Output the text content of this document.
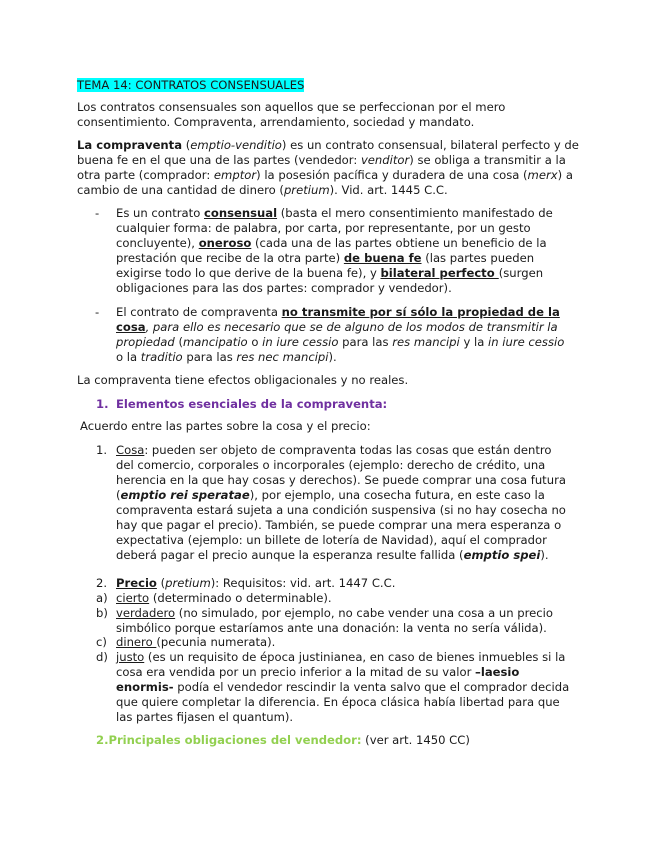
TEMA 14: CONTRATOS CONSENSUALES

Los contratos consensuales son aquellos que se perfeccionan por el mero consentimiento. Compraventa, arrendamiento, sociedad y mandato.

La compraventa (emptio-venditio) es un contrato consensual, bilateral perfecto y de buena fe en el que una de las partes (vendedor: venditor) se obliga a transmitir a la otra parte (comprador: emptor) la posesión pacífica y duradera de una cosa (merx) a cambio de una cantidad de dinero (pretium). Vid. art. 1445 C.C.

- Es un contrato consensual (basta el mero consentimiento manifestado de cualquier forma: de palabra, por carta, por representante, por un gesto concluyente), oneroso (cada una de las partes obtiene un beneficio de la prestación que recibe de la otra parte) de buena fe (las partes pueden exigirse todo lo que derive de la buena fe), y bilateral perfecto (surgen obligaciones para las dos partes: comprador y vendedor).

- El contrato de compraventa no transmite por sí sólo la propiedad de la cosa, para ello es necesario que se de alguno de los modos de transmitir la propiedad (mancipatio o in iure cessio para las res mancipi y la in iure cessio o la traditio para las res nec mancipi).

La compraventa tiene efectos obligacionales y no reales.

1. Elementos esenciales de la compraventa:

Acuerdo entre las partes sobre la cosa y el precio:

1. Cosa: pueden ser objeto de compraventa todas las cosas que están dentro del comercio, corporales o incorporales (ejemplo: derecho de crédito, una herencia en la que hay cosas y derechos). Se puede comprar una cosa futura (emptio rei speratae), por ejemplo, una cosecha futura, en este caso la compraventa estará sujeta a una condición suspensiva (si no hay cosecha no hay que pagar el precio). También, se puede comprar una mera esperanza o expectativa (ejemplo: un billete de lotería de Navidad), aquí el comprador deberá pagar el precio aunque la esperanza resulte fallida (emptio spei).

2. Precio (pretium): Requisitos: vid. art. 1447 C.C.

a) cierto (determinado o determinable).

b) verdadero (no simulado, por ejemplo, no cabe vender una cosa a un precio simbólico porque estaríamos ante una donación: la venta no sería válida).

c) dinero (pecunia numerata).

d) justo (es un requisito de época justinianea, en caso de bienes inmuebles si la cosa era vendida por un precio inferior a la mitad de su valor –laesio enormis- podía el vendedor rescindir la venta salvo que el comprador decida que quiere completar la diferencia. En época clásica había libertad para que las partes fijasen el quantum).

2.Principales obligaciones del vendedor: (ver art. 1450 CC)
